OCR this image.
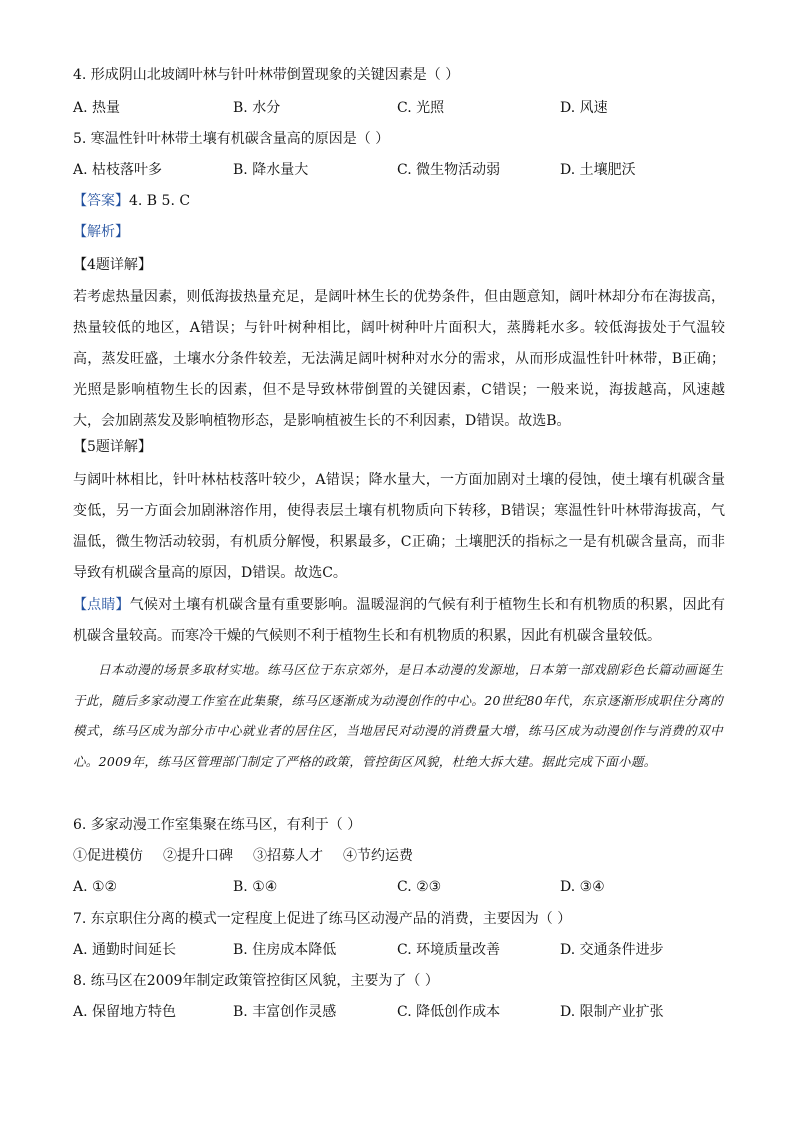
4. 形成阴山北坡阔叶林与针叶林带倒置现象的关键因素是（ ）
A. 热量	B. 水分	C. 光照	D. 风速
5. 寒温性针叶林带土壤有机碳含量高的原因是（ ）
A. 枯枝落叶多	B. 降水量大	C. 微生物活动弱	D. 土壤肥沃
【答案】4. B 5. C
【解析】
【4题详解】
若考虑热量因素，则低海拔热量充足，是阔叶林生长的优势条件，但由题意知，阔叶林却分布在海拔高，热量较低的地区，A错误；与针叶树种相比，阔叶树种叶片面积大，蒸腾耗水多。较低海拔处于气温较高，蒸发旺盛，土壤水分条件较差，无法满足阔叶树种对水分的需求，从而形成温性针叶林带，B正确；光照是影响植物生长的因素，但不是导致林带倒置的关键因素，C错误；一般来说，海拔越高，风速越大，会加剧蒸发及影响植物形态，是影响植被生长的不利因素，D错误。故选B。
【5题详解】
与阔叶林相比，针叶林枯枝落叶较少，A错误；降水量大，一方面加剧对土壤的侵蚀，使土壤有机碳含量变低，另一方面会加剧淋溶作用，使得表层土壤有机物质向下转移，B错误；寒温性针叶林带海拔高，气温低，微生物活动较弱，有机质分解慢，积累最多，C正确；土壤肥沃的指标之一是有机碳含量高，而非导致有机碳含量高的原因，D错误。故选C。
【点睛】气候对土壤有机碳含量有重要影响。温暖湿润的气候有利于植物生长和有机物质的积累，因此有机碳含量较高。而寒冷干燥的气候则不利于植物生长和有机物质的积累，因此有机碳含量较低。
日本动漫的场景多取材实地。练马区位于东京郊外，是日本动漫的发源地，日本第一部戏剧彩色长篇动画诞生于此，随后多家动漫工作室在此集聚，练马区逐渐成为动漫创作的中心。20世纪80年代，东京逐渐形成职住分离的模式，练马区成为部分市中心就业者的居住区，当地居民对动漫的消费量大增，练马区成为动漫创作与消费的双中心。2009年，练马区管理部门制定了严格的政策，管控街区风貌，杜绝大拆大建。据此完成下面小题。
6. 多家动漫工作室集聚在练马区，有利于（ ）
①促进模仿 ②提升口碑 ③招募人才 ④节约运费
A. ①②	B. ①④	C. ②③	D. ③④
7. 东京职住分离的模式一定程度上促进了练马区动漫产品的消费，主要因为（ ）
A. 通勤时间延长	B. 住房成本降低	C. 环境质量改善	D. 交通条件进步
8. 练马区在2009年制定政策管控街区风貌，主要为了（ ）
A. 保留地方特色	B. 丰富创作灵感	C. 降低创作成本	D. 限制产业扩张
